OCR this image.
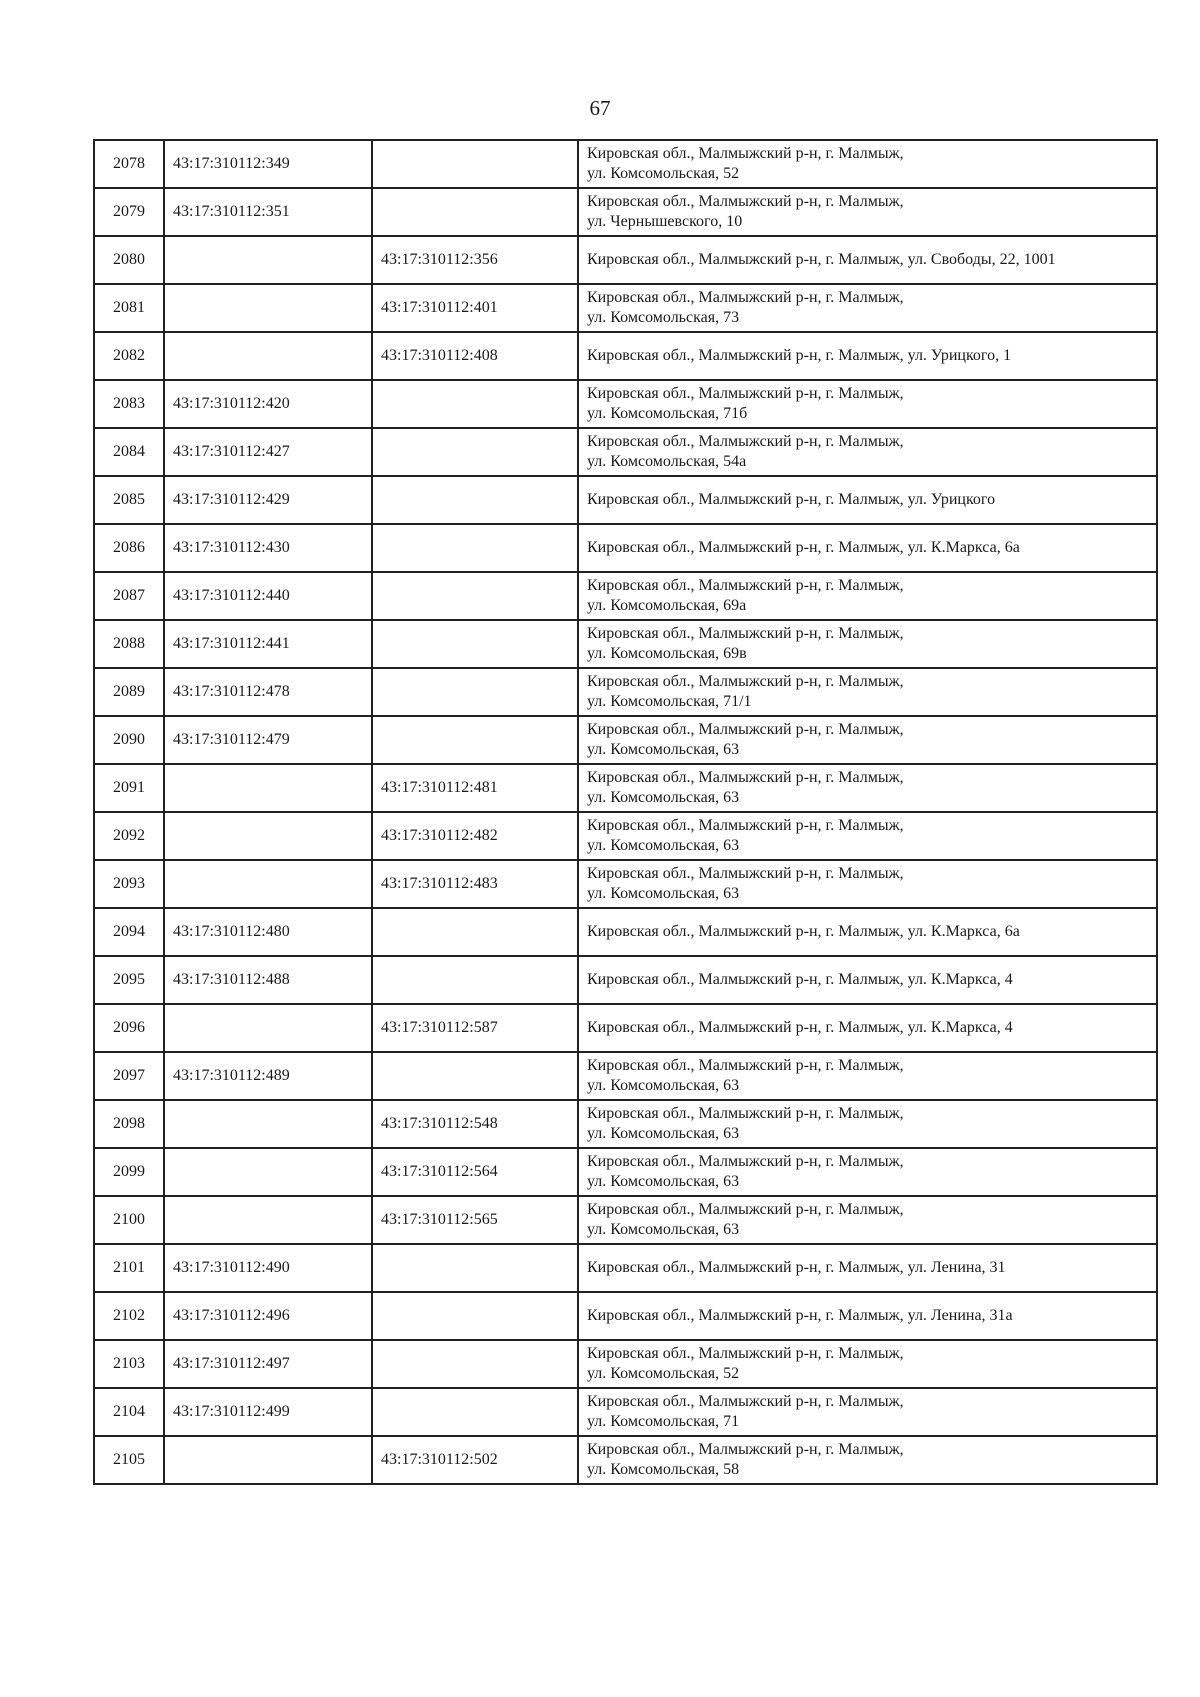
67
2078	43:17:310112:349		Кировская обл., Малмыжский р-н, г. Малмыж,
ул. Комсомольская, 52

2079	43:17:310112:351		Кировская обл., Малмыжский р-н, г. Малмыж,
ул. Чернышевского, 10

2080		43:17:310112:356	Кировская обл., Малмыжский р-н, г. Малмыж, ул. Свободы, 22, 1001

2081		43:17:310112:401	Кировская обл., Малмыжский р-н, г. Малмыж,
ул. Комсомольская, 73

2082		43:17:310112:408	Кировская обл., Малмыжский р-н, г. Малмыж, ул. Урицкого, 1

2083	43:17:310112:420		Кировская обл., Малмыжский р-н, г. Малмыж,
ул. Комсомольская, 71б

2084	43:17:310112:427		Кировская обл., Малмыжский р-н, г. Малмыж,
ул. Комсомольская, 54а

2085	43:17:310112:429		Кировская обл., Малмыжский р-н, г. Малмыж, ул. Урицкого

2086	43:17:310112:430		Кировская обл., Малмыжский р-н, г. Малмыж, ул. К.Маркса, 6а

2087	43:17:310112:440		Кировская обл., Малмыжский р-н, г. Малмыж,
ул. Комсомольская, 69а

2088	43:17:310112:441		Кировская обл., Малмыжский р-н, г. Малмыж,
ул. Комсомольская, 69в

2089	43:17:310112:478		Кировская обл., Малмыжский р-н, г. Малмыж,
ул. Комсомольская, 71/1

2090	43:17:310112:479		Кировская обл., Малмыжский р-н, г. Малмыж,
ул. Комсомольская, 63

2091		43:17:310112:481	Кировская обл., Малмыжский р-н, г. Малмыж,
ул. Комсомольская, 63

2092		43:17:310112:482	Кировская обл., Малмыжский р-н, г. Малмыж,
ул. Комсомольская, 63

2093		43:17:310112:483	Кировская обл., Малмыжский р-н, г. Малмыж,
ул. Комсомольская, 63

2094	43:17:310112:480		Кировская обл., Малмыжский р-н, г. Малмыж, ул. К.Маркса, 6а

2095	43:17:310112:488		Кировская обл., Малмыжский р-н, г. Малмыж, ул. К.Маркса, 4

2096		43:17:310112:587	Кировская обл., Малмыжский р-н, г. Малмыж, ул. К.Маркса, 4

2097	43:17:310112:489		Кировская обл., Малмыжский р-н, г. Малмыж,
ул. Комсомольская, 63

2098		43:17:310112:548	Кировская обл., Малмыжский р-н, г. Малмыж,
ул. Комсомольская, 63

2099		43:17:310112:564	Кировская обл., Малмыжский р-н, г. Малмыж,
ул. Комсомольская, 63

2100		43:17:310112:565	Кировская обл., Малмыжский р-н, г. Малмыж,
ул. Комсомольская, 63

2101	43:17:310112:490		Кировская обл., Малмыжский р-н, г. Малмыж, ул. Ленина, 31

2102	43:17:310112:496		Кировская обл., Малмыжский р-н, г. Малмыж, ул. Ленина, 31а

2103	43:17:310112:497		Кировская обл., Малмыжский р-н, г. Малмыж,
ул. Комсомольская, 52

2104	43:17:310112:499		Кировская обл., Малмыжский р-н, г. Малмыж,
ул. Комсомольская, 71

2105		43:17:310112:502	Кировская обл., Малмыжский р-н, г. Малмыж,
ул. Комсомольская, 58
